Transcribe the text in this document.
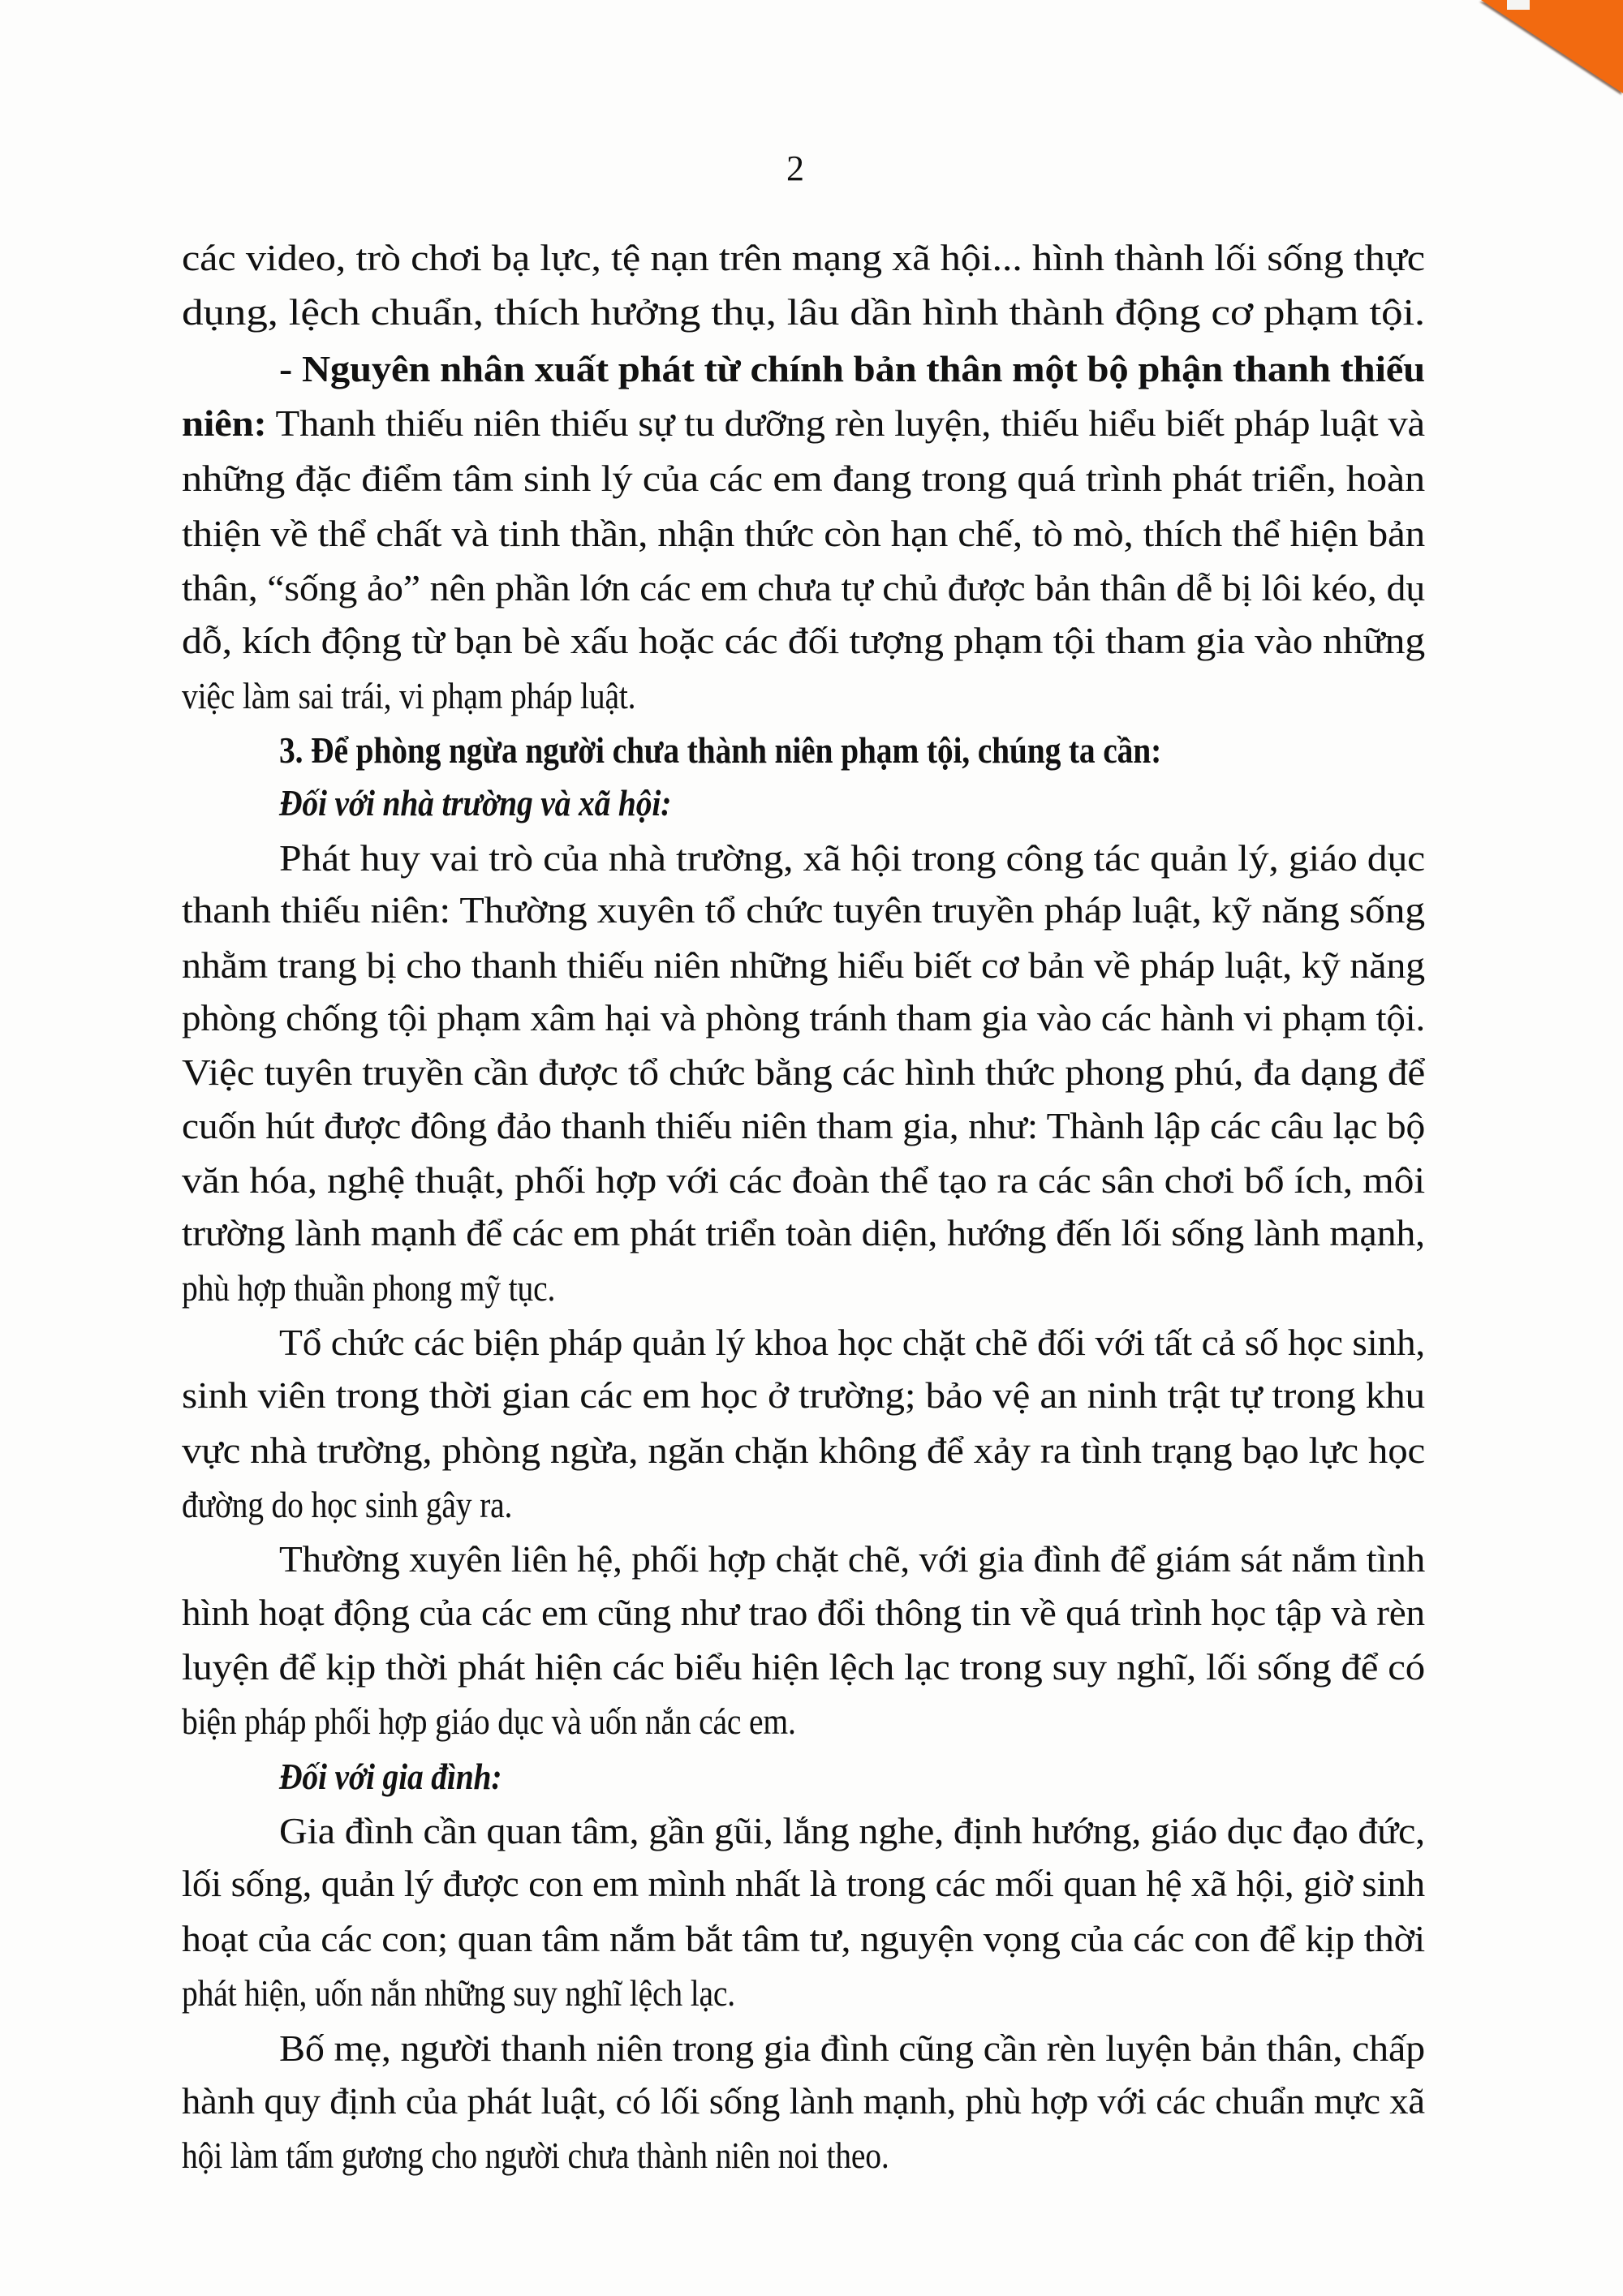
2
các video, trò chơi bạ lực, tệ nạn trên mạng xã hội... hình thành lối sống thực
dụng, lệch chuẩn, thích hưởng thụ, lâu dần hình thành động cơ phạm tội.
- Nguyên nhân xuất phát từ chính bản thân một bộ phận thanh thiếu
niên: Thanh thiếu niên thiếu sự tu dưỡng rèn luyện, thiếu hiểu biết pháp luật và
những đặc điểm tâm sinh lý của các em đang trong quá trình phát triển, hoàn
thiện về thể chất và tinh thần, nhận thức còn hạn chế, tò mò, thích thể hiện bản
thân, “sống ảo” nên phần lớn các em chưa tự chủ được bản thân dễ bị lôi kéo, dụ
dỗ, kích động từ bạn bè xấu hoặc các đối tượng phạm tội tham gia vào những
việc làm sai trái, vi phạm pháp luật.
3. Để phòng ngừa người chưa thành niên phạm tội, chúng ta cần:
Đối với nhà trường và xã hội:
Phát huy vai trò của nhà trường, xã hội trong công tác quản lý, giáo dục
thanh thiếu niên: Thường xuyên tổ chức tuyên truyền pháp luật, kỹ năng sống
nhằm trang bị cho thanh thiếu niên những hiểu biết cơ bản về pháp luật, kỹ năng
phòng chống tội phạm xâm hại và phòng tránh tham gia vào các hành vi phạm tội.
Việc tuyên truyền cần được tổ chức bằng các hình thức phong phú, đa dạng để
cuốn hút được đông đảo thanh thiếu niên tham gia, như: Thành lập các câu lạc bộ
văn hóa, nghệ thuật, phối hợp với các đoàn thể tạo ra các sân chơi bổ ích, môi
trường lành mạnh để các em phát triển toàn diện, hướng đến lối sống lành mạnh,
phù hợp thuần phong mỹ tục.
Tổ chức các biện pháp quản lý khoa học chặt chẽ đối với tất cả số học sinh,
sinh viên trong thời gian các em học ở trường; bảo vệ an ninh trật tự trong khu
vực nhà trường, phòng ngừa, ngăn chặn không để xảy ra tình trạng bạo lực học
đường do học sinh gây ra.
Thường xuyên liên hệ, phối hợp chặt chẽ, với gia đình để giám sát nắm tình
hình hoạt động của các em cũng như trao đổi thông tin về quá trình học tập và rèn
luyện để kịp thời phát hiện các biểu hiện lệch lạc trong suy nghĩ, lối sống để có
biện pháp phối hợp giáo dục và uốn nắn các em.
Đối với gia đình:
Gia đình cần quan tâm, gần gũi, lắng nghe, định hướng, giáo dục đạo đức,
lối sống, quản lý được con em mình nhất là trong các mối quan hệ xã hội, giờ sinh
hoạt của các con; quan tâm nắm bắt tâm tư, nguyện vọng của các con để kịp thời
phát hiện, uốn nắn những suy nghĩ lệch lạc.
Bố mẹ, người thanh niên trong gia đình cũng cần rèn luyện bản thân, chấp
hành quy định của phát luật, có lối sống lành mạnh, phù hợp với các chuẩn mực xã
hội làm tấm gương cho người chưa thành niên noi theo.
